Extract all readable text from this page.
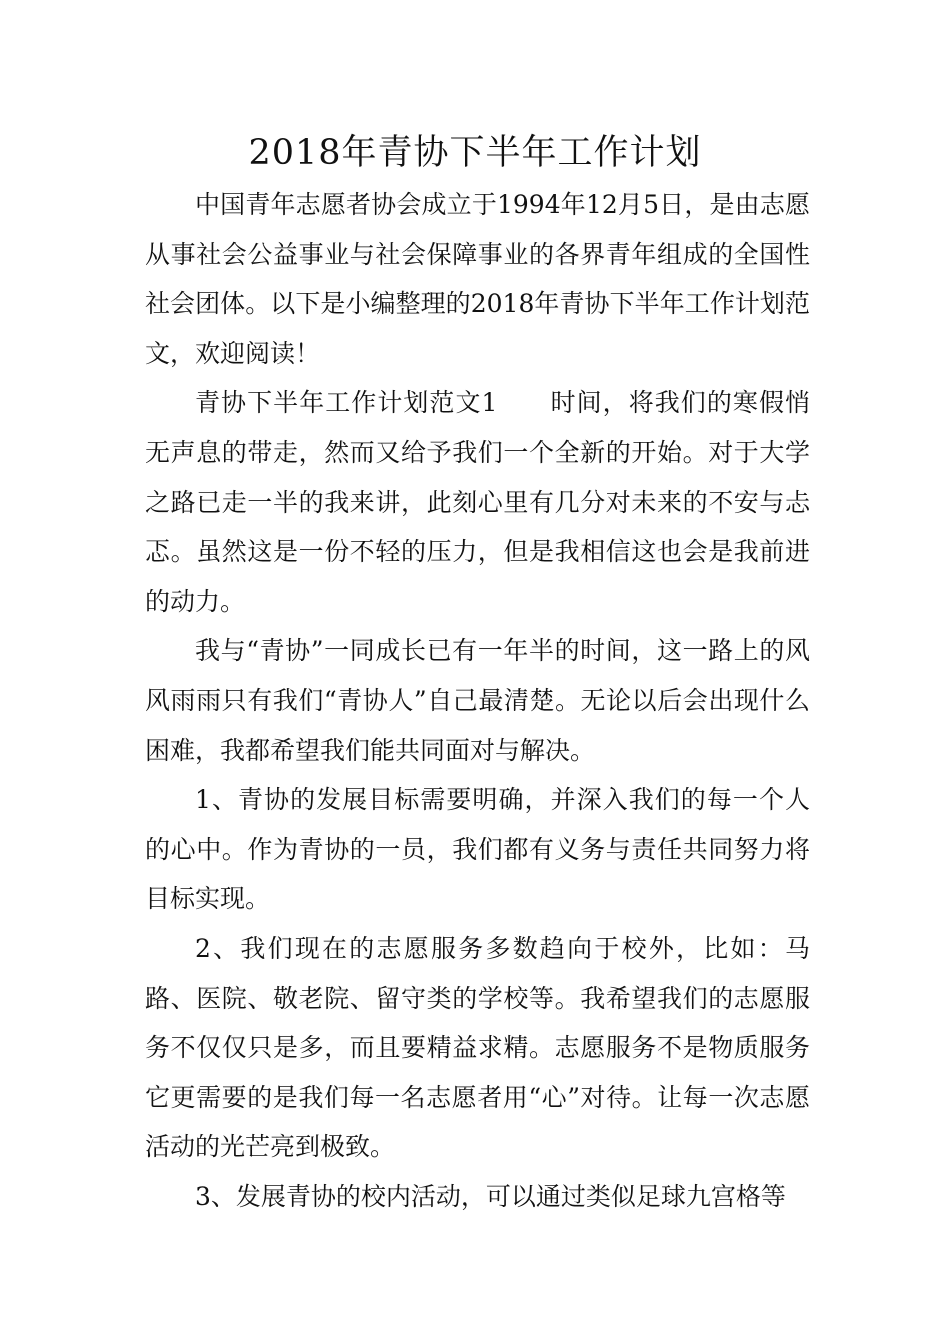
2018年青协下半年工作计划

中国青年志愿者协会成立于1994年12月5日，是由志愿从事社会公益事业与社会保障事业的各界青年组成的全国性社会团体。以下是小编整理的2018年青协下半年工作计划范文，欢迎阅读！

青协下半年工作计划范文1　　时间，将我们的寒假悄无声息的带走，然而又给予我们一个全新的开始。对于大学之路已走一半的我来讲，此刻心里有几分对未来的不安与忐忑。虽然这是一份不轻的压力，但是我相信这也会是我前进的动力。

我与“青协”一同成长已有一年半的时间，这一路上的风风雨雨只有我们“青协人”自己最清楚。无论以后会出现什么困难，我都希望我们能共同面对与解决。

1、青协的发展目标需要明确，并深入我们的每一个人的心中。作为青协的一员，我们都有义务与责任共同努力将目标实现。

2、我们现在的志愿服务多数趋向于校外，比如：马路、医院、敬老院、留守类的学校等。我希望我们的志愿服务不仅仅只是多，而且要精益求精。志愿服务不是物质服务它更需要的是我们每一名志愿者用“心”对待。让每一次志愿活动的光芒亮到极致。

3、发展青协的校内活动，可以通过类似足球九宫格等
